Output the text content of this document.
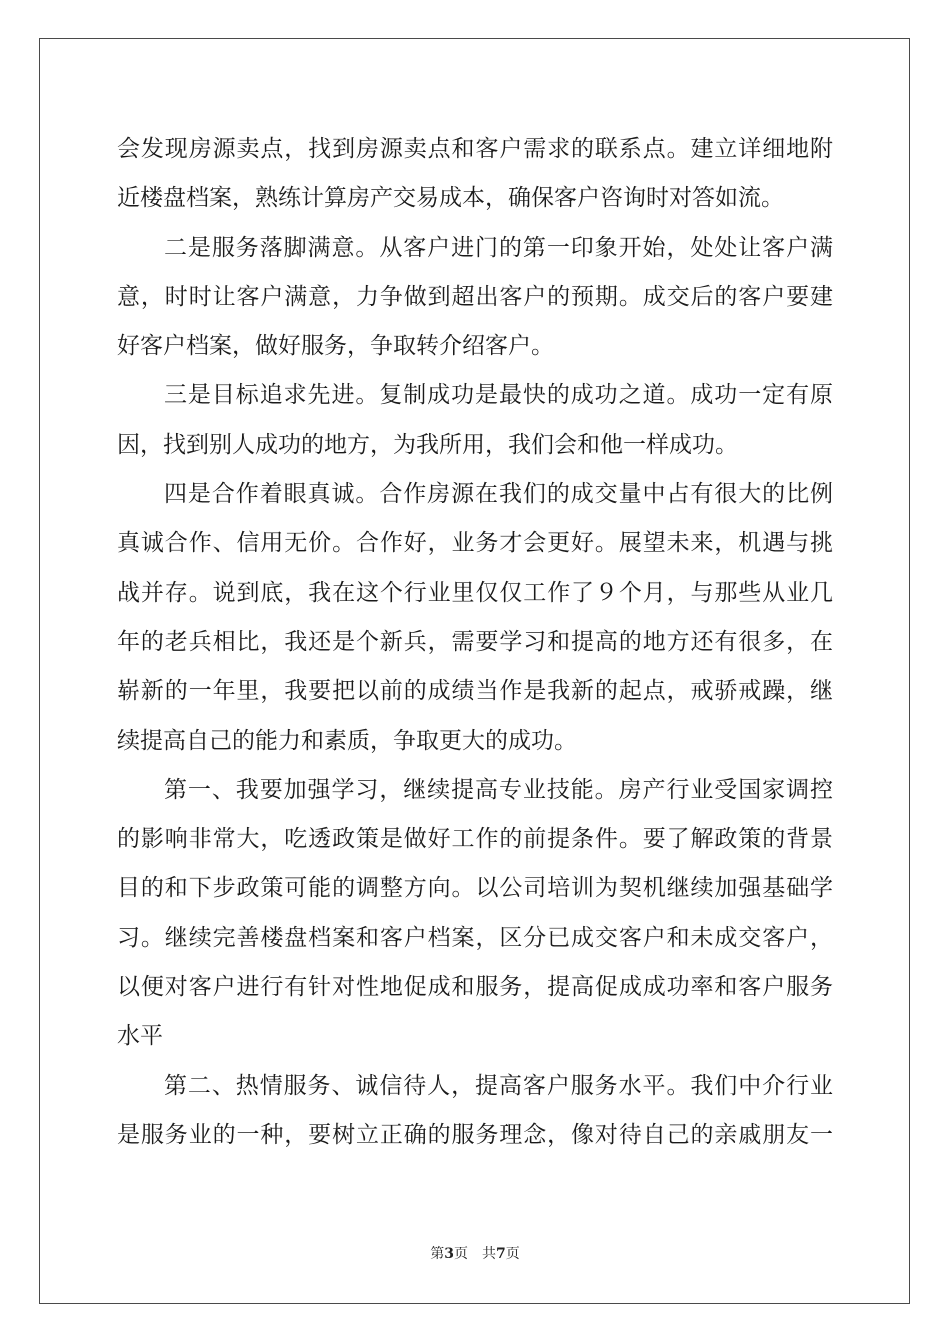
会发现房源卖点，找到房源卖点和客户需求的联系点。建立详细地附
近楼盘档案，熟练计算房产交易成本，确保客户咨询时对答如流。
二是服务落脚满意。从客户进门的第一印象开始，处处让客户满
意，时时让客户满意，力争做到超出客户的预期。成交后的客户要建
好客户档案，做好服务，争取转介绍客户。
三是目标追求先进。复制成功是最快的成功之道。成功一定有原
因，找到别人成功的地方，为我所用，我们会和他一样成功。
四是合作着眼真诚。合作房源在我们的成交量中占有很大的比例
真诚合作、信用无价。合作好，业务才会更好。展望未来，机遇与挑
战并存。说到底，我在这个行业里仅仅工作了９个月，与那些从业几
年的老兵相比，我还是个新兵，需要学习和提高的地方还有很多，在
崭新的一年里，我要把以前的成绩当作是我新的起点，戒骄戒躁，继
续提高自己的能力和素质，争取更大的成功。
第一、我要加强学习，继续提高专业技能。房产行业受国家调控
的影响非常大，吃透政策是做好工作的前提条件。要了解政策的背景
目的和下步政策可能的调整方向。以公司培训为契机继续加强基础学
习。继续完善楼盘档案和客户档案，区分已成交客户和未成交客户，
以便对客户进行有针对性地促成和服务，提高促成成功率和客户服务
水平
第二、热情服务、诚信待人，提高客户服务水平。我们中介行业
是服务业的一种，要树立正确的服务理念，像对待自己的亲戚朋友一
第3页 共7页
